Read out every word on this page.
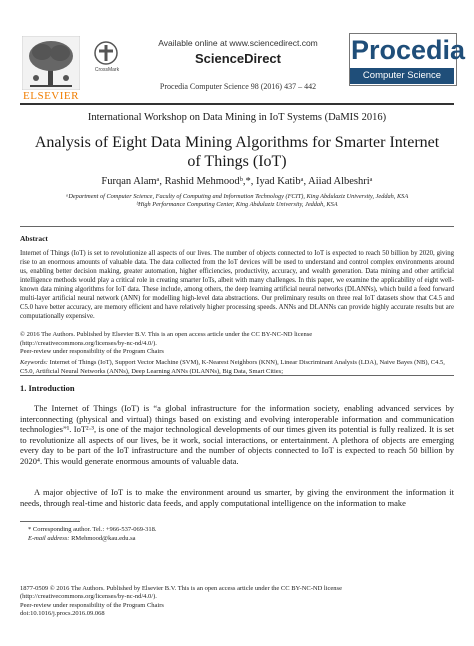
ELSEVIER
CrossMark
Available online at www.sciencedirect.com
ScienceDirect
Procedia Computer Science 98 (2016) 437 – 442
Procedia
Computer Science
International Workshop on Data Mining in IoT Systems (DaMIS 2016)
Analysis of Eight Data Mining Algorithms for Smarter Internet of Things (IoT)
Furqan Alamᵃ, Rashid Mehmoodᵇ,*, Iyad Katibᵃ, Aiiad Albeshriᵃ
ᵃDepartment of Computer Science, Faculty of Computing and Information Technology (FCIT), King Abdulaziz University, Jeddah, KSA
ᵇHigh Performance Computing Center, King Abdulaziz University, Jeddah, KSA
Abstract
Internet of Things (IoT) is set to revolutionize all aspects of our lives. The number of objects connected to IoT is expected to reach 50 billion by 2020, giving rise to an enormous amounts of valuable data. The data collected from the IoT devices will be used to understand and control complex environments around us, enabling better decision making, greater automation, higher efficiencies, productivity, accuracy, and wealth generation. Data mining and other artificial intelligence methods would play a critical role in creating smarter IoTs, albeit with many challenges. In this paper, we examine the applicability of eight well-known data mining algorithms for IoT data. These include, among others, the deep learning artificial neural networks (DLANNs), which build a feed forward multi-layer artificial neural network (ANN) for modelling high-level data abstractions. Our preliminary results on three real IoT datasets show that C4.5 and C5.0 have better accuracy, are memory efficient and have relatively higher processing speeds. ANNs and DLANNs can provide highly accurate results but are computationally expensive.
© 2016 The Authors. Published by Elsevier B.V. This is an open access article under the CC BY-NC-ND license
(http://creativecommons.org/licenses/by-nc-nd/4.0/).
Peer-review under responsibility of the Program Chairs
Keywords: Internet of Things (IoT), Support Vector Machine (SVM), K-Nearest Neighbors (KNN), Linear Discriminant Analysis (LDA), Naive Bayes (NB), C4.5, C5.0, Artificial Neural Networks (ANNs), Deep Learning ANNs (DLANNs), Big Data, Smart Cities;
1. Introduction
The Internet of Things (IoT) is “a global infrastructure for the information society, enabling advanced services by interconnecting (physical and virtual) things based on existing and evolving interoperable information and communication technologies”¹. IoT²·³, is one of the major technological developments of our times given its potential is fully realized. It is set to revolutionize all aspects of our lives, be it work, social interactions, or entertainment. A plethora of objects are emerging every day to be part of the IoT infrastructure and the number of objects connected to IoT is expected to reach 50 billion by 2020⁴. This would generate enormous amounts of valuable data.
A major objective of IoT is to make the environment around us smarter, by giving the environment the information it needs, through real-time and historic data feeds, and apply computational intelligence on the information to make
* Corresponding author. Tel.: +966-537-069-318.
E-mail address: RMehmood@kau.edu.sa
1877-0509 © 2016 The Authors. Published by Elsevier B.V. This is an open access article under the CC BY-NC-ND license
(http://creativecommons.org/licenses/by-nc-nd/4.0/).
Peer-review under responsibility of the Program Chairs
doi:10.1016/j.procs.2016.09.068
